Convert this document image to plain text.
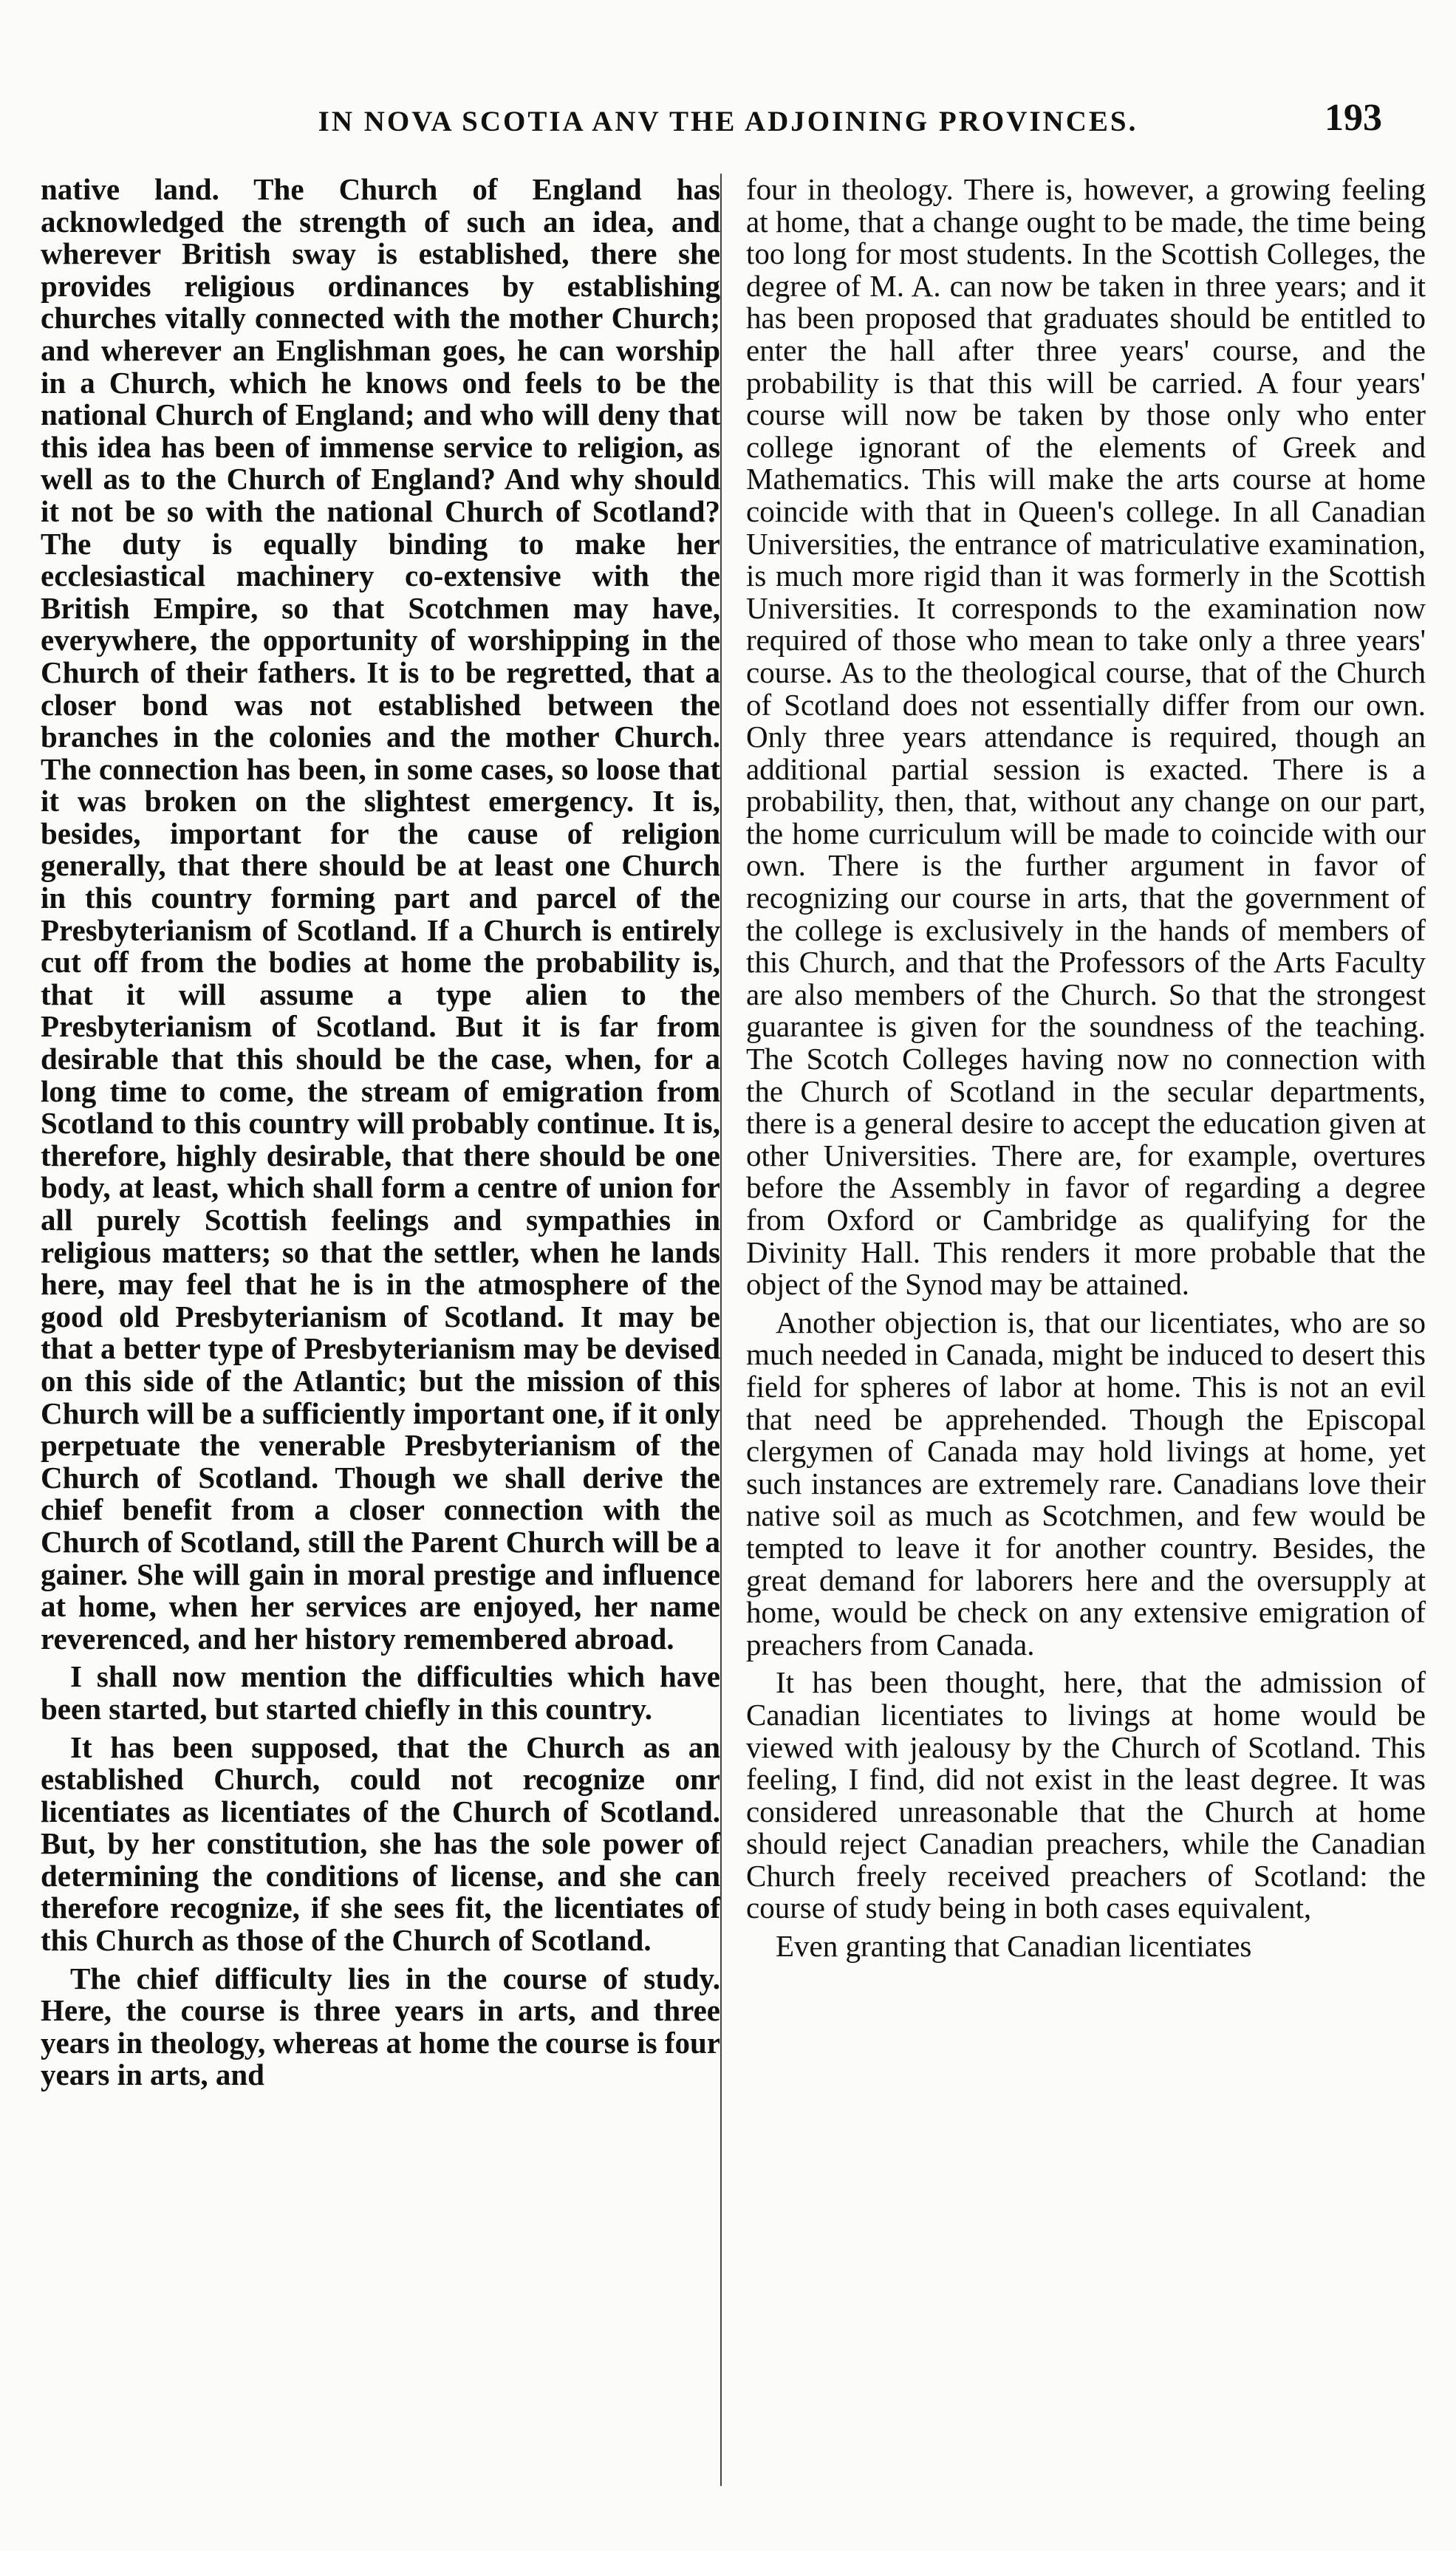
IN NOVA SCOTIA ANV THE ADJOINING PROVINCES.	193

native land. The Church of England has acknowledged the strength of such an idea, and wherever British sway is established, there she provides religious ordinances by establishing churches vitally connected with the mother Church; and wherever an Englishman goes, he can worship in a Church, which he knows ond feels to be the national Church of England; and who will deny that this idea has been of immense service to religion, as well as to the Church of England? And why should it not be so with the national Church of Scotland? The duty is equally binding to make her ecclesiastical machinery co-extensive with the British Empire, so that Scotchmen may have, everywhere, the opportunity of worshipping in the Church of their fathers. It is to be regretted, that a closer bond was not established between the branches in the colonies and the mother Church. The connection has been, in some cases, so loose that it was broken on the slightest emergency. It is, besides, important for the cause of religion generally, that there should be at least one Church in this country forming part and parcel of the Presbyterianism of Scotland. If a Church is entirely cut off from the bodies at home the probability is, that it will assume a type alien to the Presbyterianism of Scotland. But it is far from desirable that this should be the case, when, for a long time to come, the stream of emigration from Scotland to this country will probably continue. It is, therefore, highly desirable, that there should be one body, at least, which shall form a centre of union for all purely Scottish feelings and sympathies in religious matters; so that the settler, when he lands here, may feel that he is in the atmosphere of the good old Presbyterianism of Scotland. It may be that a better type of Presbyterianism may be devised on this side of the Atlantic; but the mission of this Church will be a sufficiently important one, if it only perpetuate the venerable Presbyterianism of the Church of Scotland. Though we shall derive the chief benefit from a closer connection with the Church of Scotland, still the Parent Church will be a gainer. She will gain in moral prestige and influence at home, when her services are enjoyed, her name reverenced, and her history remembered abroad.

I shall now mention the difficulties which have been started, but started chiefly in this country.

It has been supposed, that the Church as an established Church, could not recognize onr licentiates as licentiates of the Church of Scotland. But, by her constitution, she has the sole power of determining the conditions of license, and she can therefore recognize, if she sees fit, the licentiates of this Church as those of the Church of Scotland.

The chief difficulty lies in the course of study. Here, the course is three years in arts, and three years in theology, whereas at home the course is four years in arts, and

four in theology. There is, however, a growing feeling at home, that a change ought to be made, the time being too long for most students. In the Scottish Colleges, the degree of M. A. can now be taken in three years; and it has been proposed that graduates should be entitled to enter the hall after three years' course, and the probability is that this will be carried. A four years' course will now be taken by those only who enter college ignorant of the elements of Greek and Mathematics. This will make the arts course at home coincide with that in Queen's college. In all Canadian Universities, the entrance of matriculative examination, is much more rigid than it was formerly in the Scottish Universities. It corresponds to the examination now required of those who mean to take only a three years' course. As to the theological course, that of the Church of Scotland does not essentially differ from our own. Only three years attendance is required, though an additional partial session is exacted. There is a probability, then, that, without any change on our part, the home curriculum will be made to coincide with our own. There is the further argument in favor of recognizing our course in arts, that the government of the college is exclusively in the hands of members of this Church, and that the Professors of the Arts Faculty are also members of the Church. So that the strongest guarantee is given for the soundness of the teaching. The Scotch Colleges having now no connection with the Church of Scotland in the secular departments, there is a general desire to accept the education given at other Universities. There are, for example, overtures before the Assembly in favor of regarding a degree from Oxford or Cambridge as qualifying for the Divinity Hall. This renders it more probable that the object of the Synod may be attained.

Another objection is, that our licentiates, who are so much needed in Canada, might be induced to desert this field for spheres of labor at home. This is not an evil that need be apprehended. Though the Episcopal clergymen of Canada may hold livings at home, yet such instances are extremely rare. Canadians love their native soil as much as Scotchmen, and few would be tempted to leave it for another country. Besides, the great demand for laborers here and the oversupply at home, would be check on any extensive emigration of preachers from Canada.

It has been thought, here, that the admission of Canadian licentiates to livings at home would be viewed with jealousy by the Church of Scotland. This feeling, I find, did not exist in the least degree. It was considered unreasonable that the Church at home should reject Canadian preachers, while the Canadian Church freely received preachers of Scotland: the course of study being in both cases equivalent,

Even granting that Canadian licentiates
